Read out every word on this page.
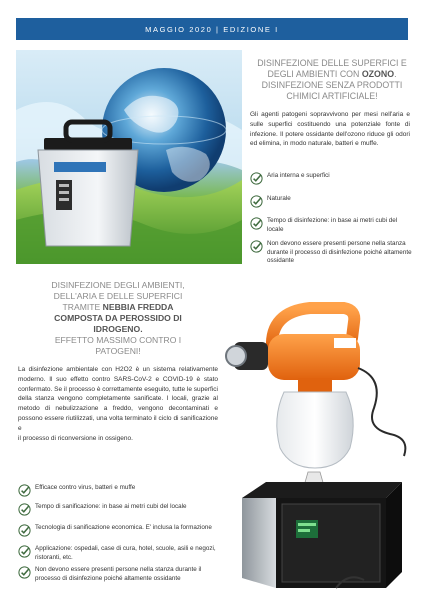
MAGGIO 2020 | EDIZIONE I
DISINFEZIONE DELLE SUPERFICI E
DEGLI AMBIENTI CON OZONO.
DISINFEZIONE SENZA PRODOTTI
CHIMICI ARTIFICIALE!
Gli agenti patogeni sopravvivono per mesi nell'aria e sulle superfici costituendo una potenziale fonte di infezione. Il potere ossidante dell'ozono riduce gli odori ed elimina, in modo naturale, batteri e muffe.
Aria interna e superfici
Naturale
Tempo di disinfezione: in base ai metri cubi del locale
Non devono essere presenti persone nella stanza durante il processo di disinfezione poiché altamente ossidante
DISINFEZIONE DEGLI AMBIENTI,
DELL'ARIA E DELLE SUPERFICI
TRAMITE NEBBIA FREDDA
COMPOSTA DA PEROSSIDO DI
IDROGENO.
EFFETTO MASSIMO CONTRO I
PATOGENI!
La disinfezione ambientale con H2O2 è un sistema relativamente moderno. Il suo effetto contro SARS-CoV-2 e COVID-19 è stato confermato. Se il processo è correttamente eseguito, tutte le superfici della stanza vengono completamente sanificate. I locali, grazie al metodo di nebulizzazione a freddo, vengono decontaminati e possono essere riutilizzati, una volta terminato il ciclo di sanificazione e
il processo di riconversione in ossigeno.
Efficace contro virus, batteri e muffe
Tempo di sanificazione: in base ai metri cubi del locale
Tecnologia di sanificazione economica. E' inclusa la formazione
Applicazione: ospedali, case di cura, hotel, scuole, asili e negozi, ristoranti, etc.
Non devono essere presenti persone nella stanza durante il processo di disinfezione poiché altamente ossidante
